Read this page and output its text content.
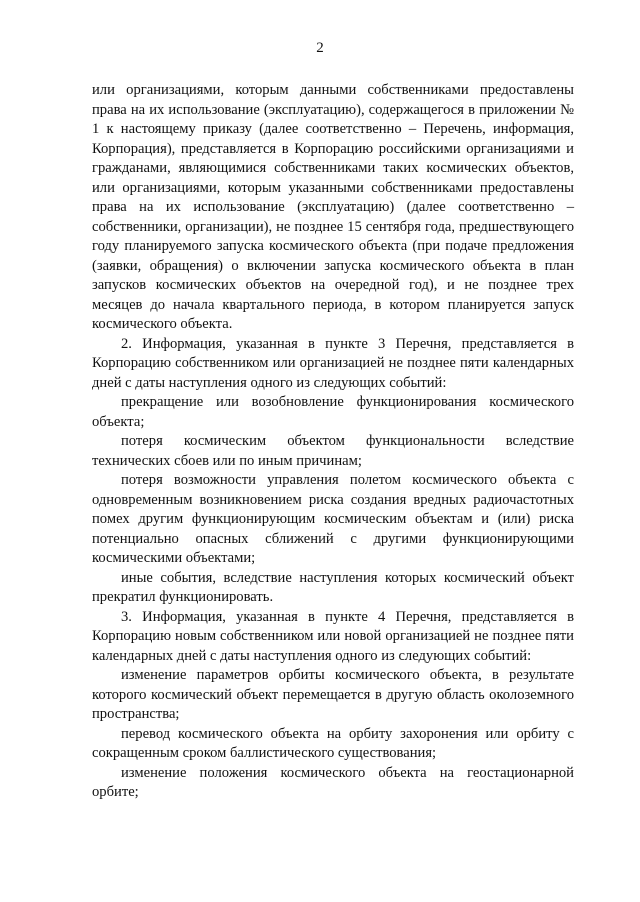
2

или организациями, которым данными собственниками предоставлены права на их использование (эксплуатацию), содержащегося в приложении № 1 к настоящему приказу (далее соответственно – Перечень, информация, Корпорация), представляется в Корпорацию российскими организациями и гражданами, являющимися собственниками таких космических объектов, или организациями, которым указанными собственниками предоставлены права на их использование (эксплуатацию) (далее соответственно – собственники, организации), не позднее 15 сентября года, предшествующего году планируемого запуска космического объекта (при подаче предложения (заявки, обращения) о включении запуска космического объекта в план запусков космических объектов на очередной год), и не позднее трех месяцев до начала квартального периода, в котором планируется запуск космического объекта.

2. Информация, указанная в пункте 3 Перечня, представляется в Корпорацию собственником или организацией не позднее пяти календарных дней с даты наступления одного из следующих событий:

прекращение или возобновление функционирования космического объекта;

потеря космическим объектом функциональности вследствие технических сбоев или по иным причинам;

потеря возможности управления полетом космического объекта с одновременным возникновением риска создания вредных радиочастотных помех другим функционирующим космическим объектам и (или) риска потенциально опасных сближений с другими функционирующими космическими объектами;

иные события, вследствие наступления которых космический объект прекратил функционировать.

3. Информация, указанная в пункте 4 Перечня, представляется в Корпорацию новым собственником или новой организацией не позднее пяти календарных дней с даты наступления одного из следующих событий:

изменение параметров орбиты космического объекта, в результате которого космический объект перемещается в другую область околоземного пространства;

перевод космического объекта на орбиту захоронения или орбиту с сокращенным сроком баллистического существования;

изменение положения космического объекта на геостационарной орбите;
